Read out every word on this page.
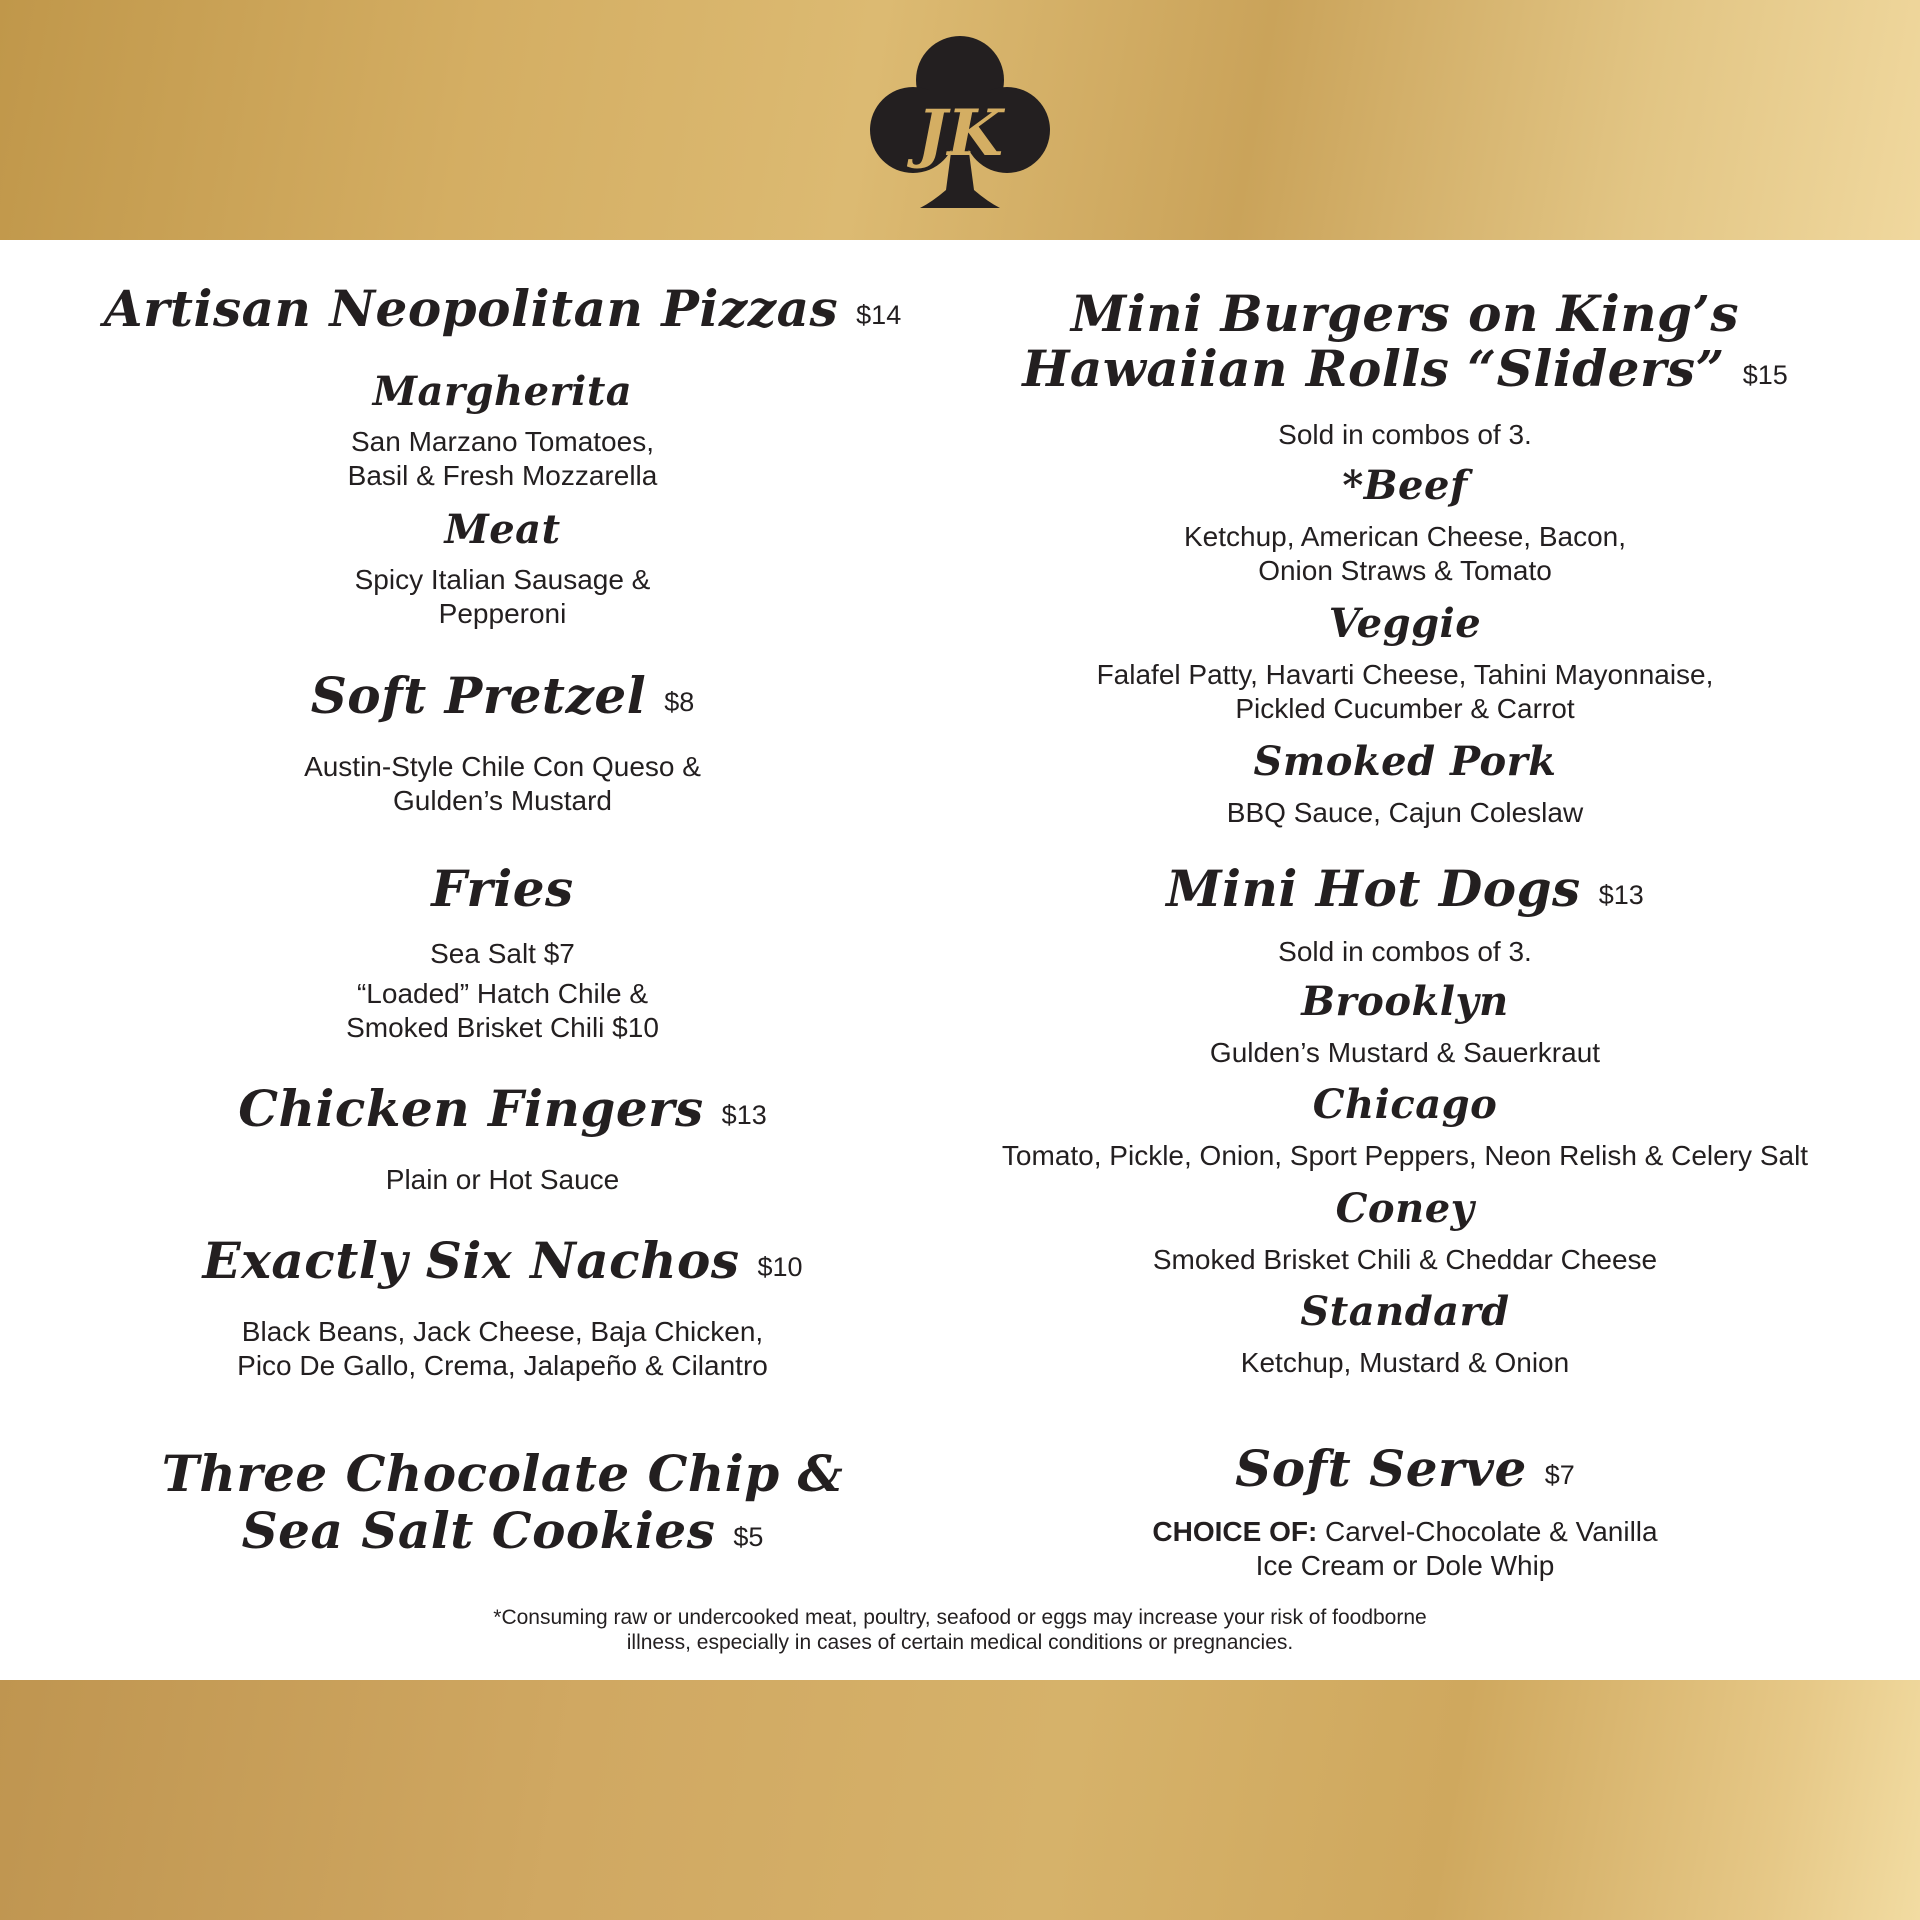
JK
Artisan Neopolitan Pizzas $14
Margherita
San Marzano Tomatoes,
Basil & Fresh Mozzarella
Meat
Spicy Italian Sausage &
Pepperoni
Soft Pretzel $8
Austin-Style Chile Con Queso &
Gulden’s Mustard
Fries
Sea Salt $7
“Loaded” Hatch Chile &
Smoked Brisket Chili $10
Chicken Fingers $13
Plain or Hot Sauce
Exactly Six Nachos $10
Black Beans, Jack Cheese, Baja Chicken,
Pico De Gallo, Crema, Jalapeño & Cilantro
Three Chocolate Chip &
Sea Salt Cookies $5
Mini Burgers on King’s
Hawaiian Rolls “Sliders” $15
Sold in combos of 3.
*Beef
Ketchup, American Cheese, Bacon,
Onion Straws & Tomato
Veggie
Falafel Patty, Havarti Cheese, Tahini Mayonnaise,
Pickled Cucumber & Carrot
Smoked Pork
BBQ Sauce, Cajun Coleslaw
Mini Hot Dogs $13
Sold in combos of 3.
Brooklyn
Gulden’s Mustard & Sauerkraut
Chicago
Tomato, Pickle, Onion, Sport Peppers, Neon Relish & Celery Salt
Coney
Smoked Brisket Chili & Cheddar Cheese
Standard
Ketchup, Mustard & Onion
Soft Serve $7
CHOICE OF: Carvel-Chocolate & Vanilla
Ice Cream or Dole Whip
*Consuming raw or undercooked meat, poultry, seafood or eggs may increase your risk of foodborne
illness, especially in cases of certain medical conditions or pregnancies.
